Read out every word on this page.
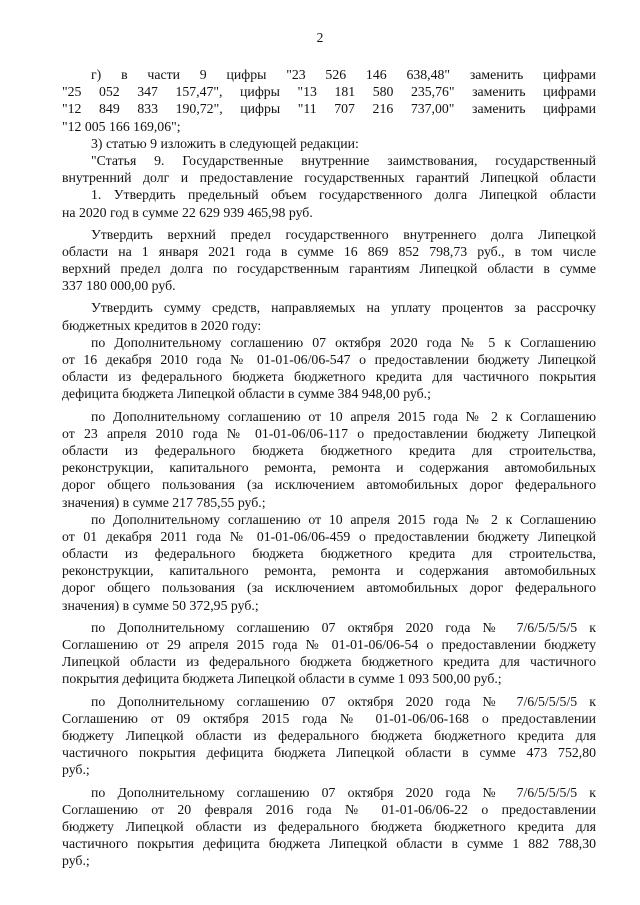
2
г) в части 9 цифры "23 526 146 638,48" заменить цифрами
"25 052 347 157,47", цифры "13 181 580 235,76" заменить цифрами
"12 849 833 190,72", цифры "11 707 216 737,00" заменить цифрами
"12 005 166 169,06";
3) статью 9 изложить в следующей редакции:
"Статья 9. Государственные внутренние заимствования, государственный
внутренний долг и предоставление государственных гарантий Липецкой области
1. Утвердить предельный объем государственного долга Липецкой области
на 2020 год в сумме 22 629 939 465,98 руб.
Утвердить верхний предел государственного внутреннего долга Липецкой
области на 1 января 2021 года в сумме 16 869 852 798,73 руб., в том числе
верхний предел долга по государственным гарантиям Липецкой области в сумме
337 180 000,00 руб.
Утвердить сумму средств, направляемых на уплату процентов за рассрочку
бюджетных кредитов в 2020 году:
по Дополнительному соглашению 07 октября 2020 года № 5 к Соглашению
от 16 декабря 2010 года № 01-01-06/06-547 о предоставлении бюджету Липецкой
области из федерального бюджета бюджетного кредита для частичного покрытия
дефицита бюджета Липецкой области в сумме 384 948,00 руб.;
по Дополнительному соглашению от 10 апреля 2015 года № 2 к Соглашению
от 23 апреля 2010 года № 01-01-06/06-117 о предоставлении бюджету Липецкой
области из федерального бюджета бюджетного кредита для строительства,
реконструкции, капитального ремонта, ремонта и содержания автомобильных
дорог общего пользования (за исключением автомобильных дорог федерального
значения) в сумме 217 785,55 руб.;
по Дополнительному соглашению от 10 апреля 2015 года № 2 к Соглашению
от 01 декабря 2011 года № 01-01-06/06-459 о предоставлении бюджету Липецкой
области из федерального бюджета бюджетного кредита для строительства,
реконструкции, капитального ремонта, ремонта и содержания автомобильных
дорог общего пользования (за исключением автомобильных дорог федерального
значения) в сумме 50 372,95 руб.;
по Дополнительному соглашению 07 октября 2020 года № 7/6/5/5/5/5 к
Соглашению от 29 апреля 2015 года № 01-01-06/06-54 о предоставлении бюджету
Липецкой области из федерального бюджета бюджетного кредита для частичного
покрытия дефицита бюджета Липецкой области в сумме 1 093 500,00 руб.;
по Дополнительному соглашению 07 октября 2020 года № 7/6/5/5/5/5 к
Соглашению от 09 октября 2015 года № 01-01-06/06-168 о предоставлении
бюджету Липецкой области из федерального бюджета бюджетного кредита для
частичного покрытия дефицита бюджета Липецкой области в сумме 473 752,80
руб.;
по Дополнительному соглашению 07 октября 2020 года № 7/6/5/5/5/5 к
Соглашению от 20 февраля 2016 года № 01-01-06/06-22 о предоставлении
бюджету Липецкой области из федерального бюджета бюджетного кредита для
частичного покрытия дефицита бюджета Липецкой области в сумме 1 882 788,30
руб.;
